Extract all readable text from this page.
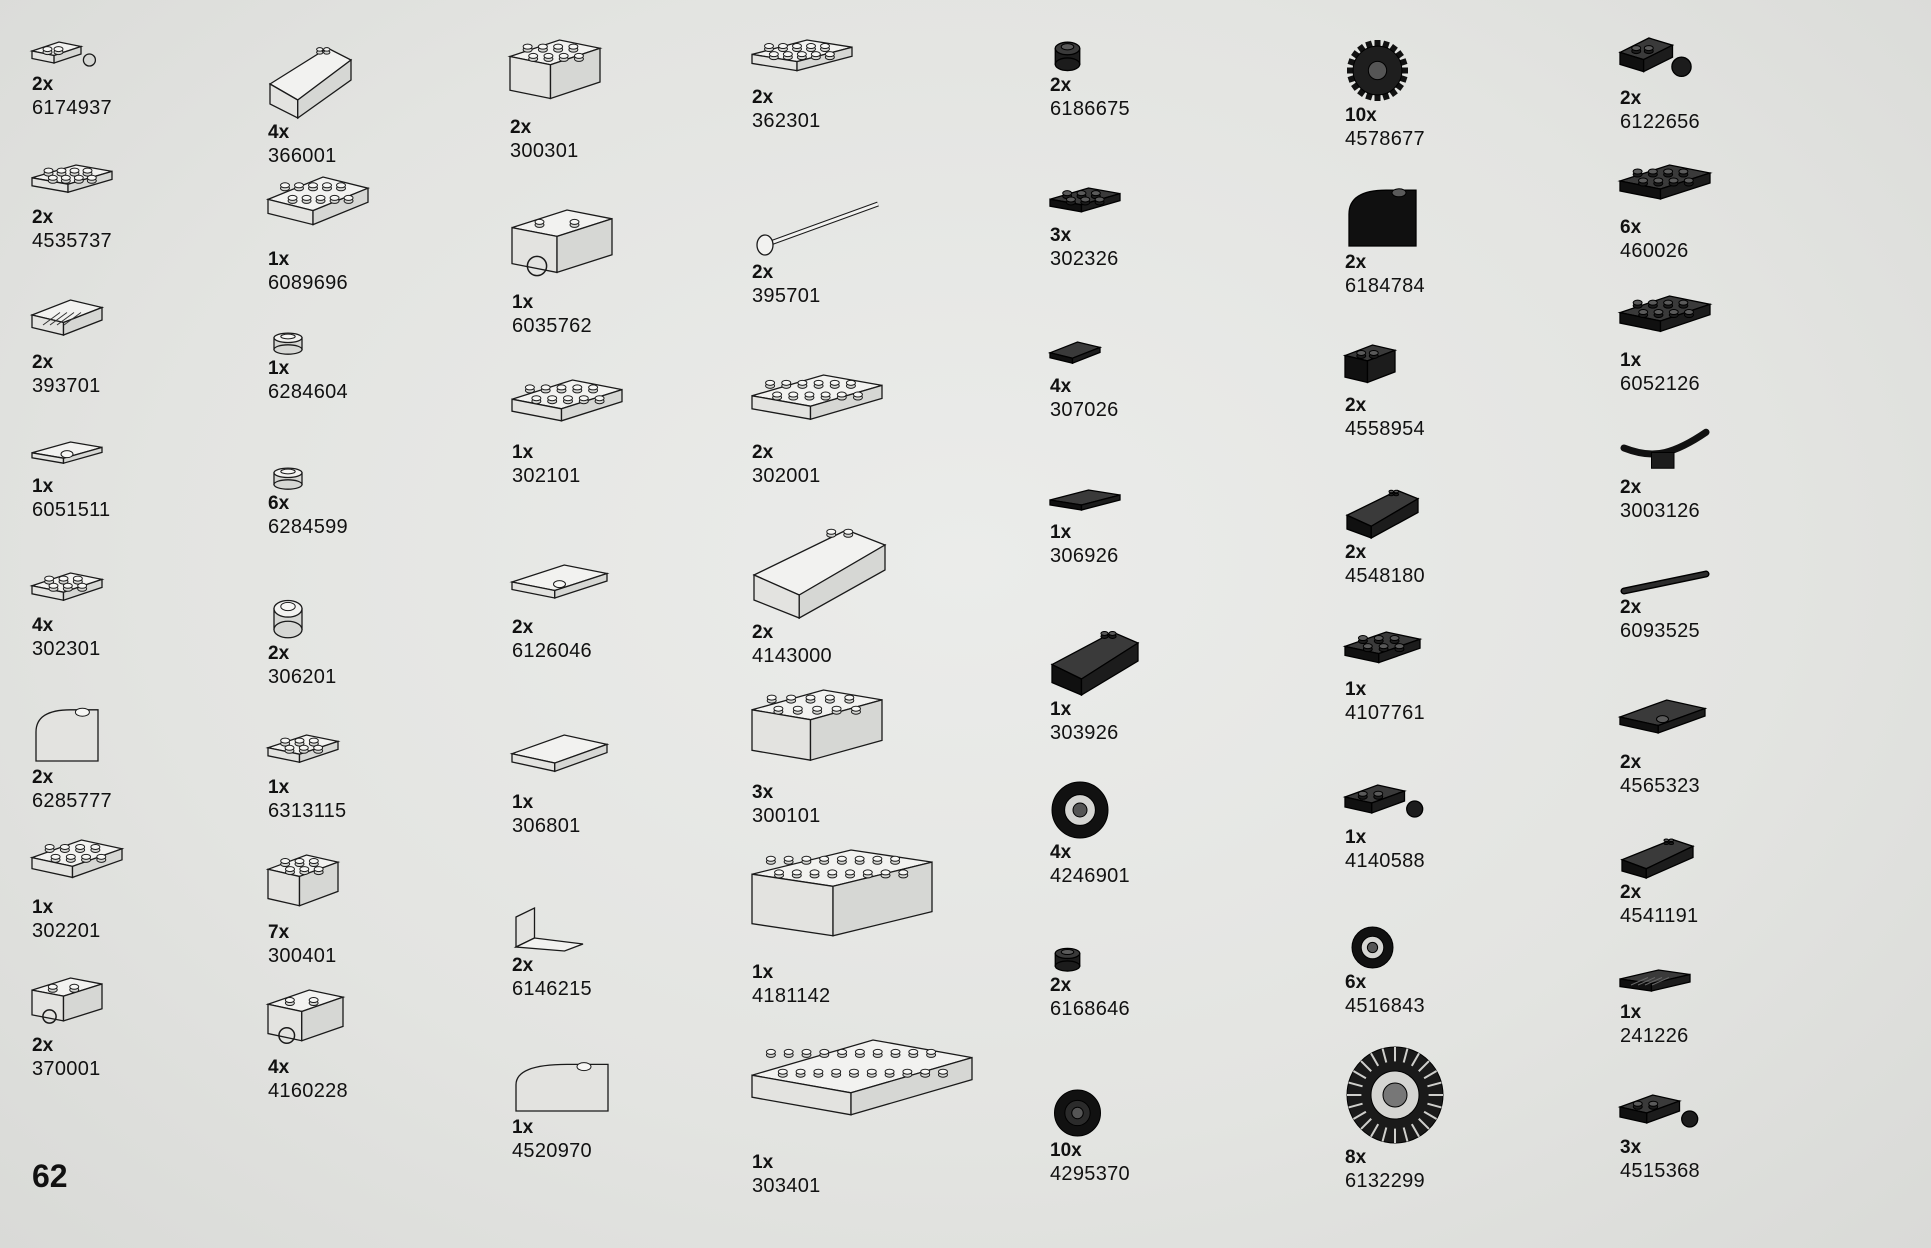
2x
6174937
2x
4535737
2x
393701
1x
6051511
4x
302301
2x
6285777
1x
302201
2x
370001
4x
366001
1x
6089696
1x
6284604
6x
6284599
2x
306201
1x
6313115
7x
300401
4x
4160228
2x
300301
1x
6035762
1x
302101
2x
6126046
1x
306801
2x
6146215
1x
4520970
2x
362301
2x
395701
2x
302001
2x
4143000
3x
300101
1x
4181142
1x
303401
2x
6186675
3x
302326
4x
307026
1x
306926
1x
303926
4x
4246901
2x
6168646
10x
4295370
10x
4578677
2x
6184784
2x
4558954
2x
4548180
1x
4107761
1x
4140588
6x
4516843
8x
6132299
2x
6122656
6x
460026
1x
6052126
2x
3003126
2x
6093525
2x
4565323
2x
4541191
1x
241226
3x
4515368
62
